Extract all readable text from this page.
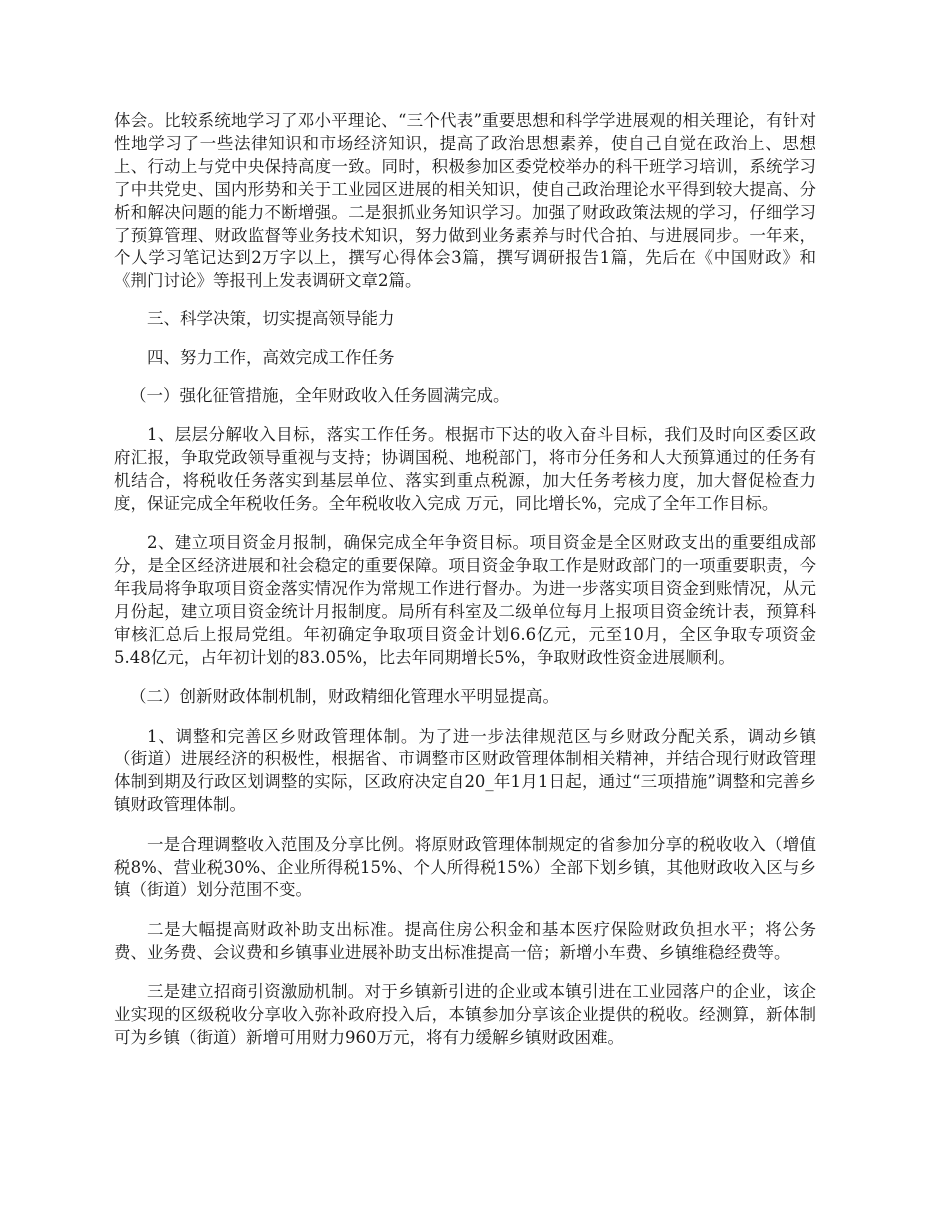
体会。比较系统地学习了邓小平理论、“三个代表”重要思想和科学学进展观的相关理论，有针对性地学习了一些法律知识和市场经济知识，提高了政治思想素养，使自己自觉在政治上、思想上、行动上与党中央保持高度一致。同时，积极参加区委党校举办的科干班学习培训，系统学习了中共党史、国内形势和关于工业园区进展的相关知识，使自己政治理论水平得到较大提高、分析和解决问题的能力不断增强。二是狠抓业务知识学习。加强了财政政策法规的学习，仔细学习了预算管理、财政监督等业务技术知识，努力做到业务素养与时代合拍、与进展同步。一年来，个人学习笔记达到2万字以上，撰写心得体会3篇，撰写调研报告1篇，先后在《中国财政》和《荆门讨论》等报刊上发表调研文章2篇。

三、科学决策，切实提高领导能力

四、努力工作，高效完成工作任务

（一）强化征管措施，全年财政收入任务圆满完成。

1、层层分解收入目标，落实工作任务。根据市下达的收入奋斗目标，我们及时向区委区政府汇报，争取党政领导重视与支持；协调国税、地税部门，将市分任务和人大预算通过的任务有机结合，将税收任务落实到基层单位、落实到重点税源，加大任务考核力度，加大督促检查力度，保证完成全年税收任务。全年税收收入完成 万元，同比增长%，完成了全年工作目标。

2、建立项目资金月报制，确保完成全年争资目标。项目资金是全区财政支出的重要组成部分，是全区经济进展和社会稳定的重要保障。项目资金争取工作是财政部门的一项重要职责，今年我局将争取项目资金落实情况作为常规工作进行督办。为进一步落实项目资金到账情况，从元月份起，建立项目资金统计月报制度。局所有科室及二级单位每月上报项目资金统计表，预算科审核汇总后上报局党组。年初确定争取项目资金计划6.6亿元，元至10月，全区争取专项资金5.48亿元，占年初计划的83.05%，比去年同期增长5%，争取财政性资金进展顺利。

（二）创新财政体制机制，财政精细化管理水平明显提高。

1、调整和完善区乡财政管理体制。为了进一步法律规范区与乡财政分配关系，调动乡镇（街道）进展经济的积极性，根据省、市调整市区财政管理体制相关精神，并结合现行财政管理体制到期及行政区划调整的实际，区政府决定自20_年1月1日起，通过“三项措施”调整和完善乡镇财政管理体制。

一是合理调整收入范围及分享比例。将原财政管理体制规定的省参加分享的税收收入（增值税8%、营业税30%、企业所得税15%、个人所得税15%）全部下划乡镇，其他财政收入区与乡镇（街道）划分范围不变。

二是大幅提高财政补助支出标准。提高住房公积金和基本医疗保险财政负担水平；将公务费、业务费、会议费和乡镇事业进展补助支出标准提高一倍；新增小车费、乡镇维稳经费等。

三是建立招商引资激励机制。对于乡镇新引进的企业或本镇引进在工业园落户的企业，该企业实现的区级税收分享收入弥补政府投入后，本镇参加分享该企业提供的税收。经测算，新体制可为乡镇（街道）新增可用财力960万元，将有力缓解乡镇财政困难。
